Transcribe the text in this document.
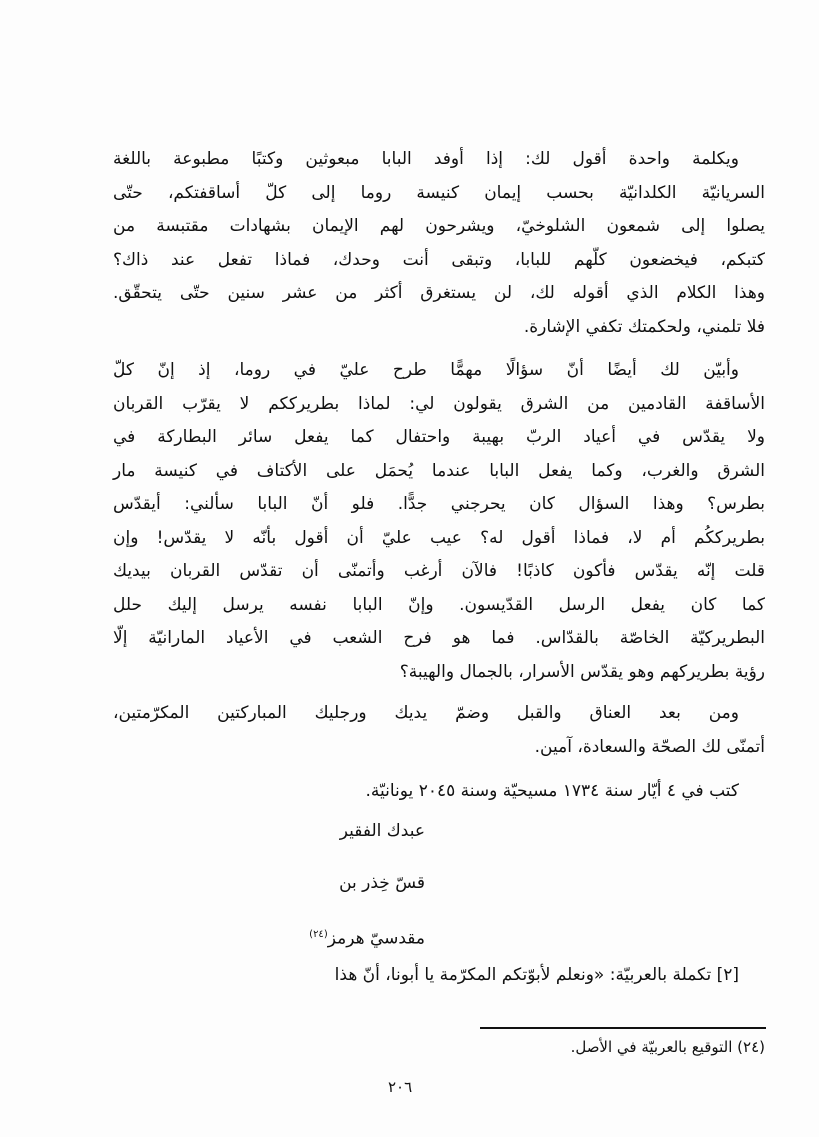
ويكلمة واحدة أقول لك: إذا أوفد البابا مبعوثين وكتبًا مطبوعة باللغة
السريانيّة الكلدانيّة بحسب إيمان كنيسة روما إلى كلّ أساقفتكم، حتّى
يصلوا إلى شمعون الشلوخيّ، ويشرحون لهم الإيمان بشهادات مقتبسة من
كتبكم، فيخضعون كلّهم للبابا، وتبقى أنت وحدك، فماذا تفعل عند ذاك؟
وهذا الكلام الذي أقوله لك، لن يستغرق أكثر من عشر سنين حتّى يتحقّق.
فلا تلمني، ولحكمتك تكفي الإشارة.
وأبيّن لك أيضًا أنّ سؤالًا مهمًّا طرح عليّ في روما، إذ إنّ كلّ
الأساقفة القادمين من الشرق يقولون لي: لماذا بطريرككم لا يقرّب القربان
ولا يقدّس في أعياد الربّ بهيبة واحتفال كما يفعل سائر البطاركة في
الشرق والغرب، وكما يفعل البابا عندما يُحمَل على الأكتاف في كنيسة مار
بطرس؟ وهذا السؤال كان يحرجني جدًّا. فلو أنّ البابا سألني: أيقدّس
بطريرككُم أم لا، فماذا أقول له؟ عيب عليّ أن أقول بأنّه لا يقدّس! وإن
قلت إنّه يقدّس فأكون كاذبًا! فالآن أرغب وأتمنّى أن تقدّس القربان بيديك
كما كان يفعل الرسل القدّيسون. وإنّ البابا نفسه يرسل إليك حلل
البطريركيّة الخاصّة بالقدّاس. فما هو فرح الشعب في الأعياد المارانيّة إلّا
رؤية بطريركهم وهو يقدّس الأسرار، بالجمال والهيبة؟
ومن بعد العناق والقبل وضمّ يديك ورجليك المباركتين المكرّمتين،
أتمنّى لك الصحّة والسعادة، آمين.
كتب في ٤ أيّار سنة ١٧٣٤ مسيحيّة وسنة ٢٠٤٥ يونانيّة.
عبدك الفقير
قسّ خِذر بن
مقدسيّ هرمز$^{(٢٤)}$
[٢] تكملة بالعربيّة: «ونعلم لأبوّتكم المكرّمة يا أبونا، أنّ هذا
(٢٤) التوقيع بالعربيّة في الأصل.
٢٠٦
